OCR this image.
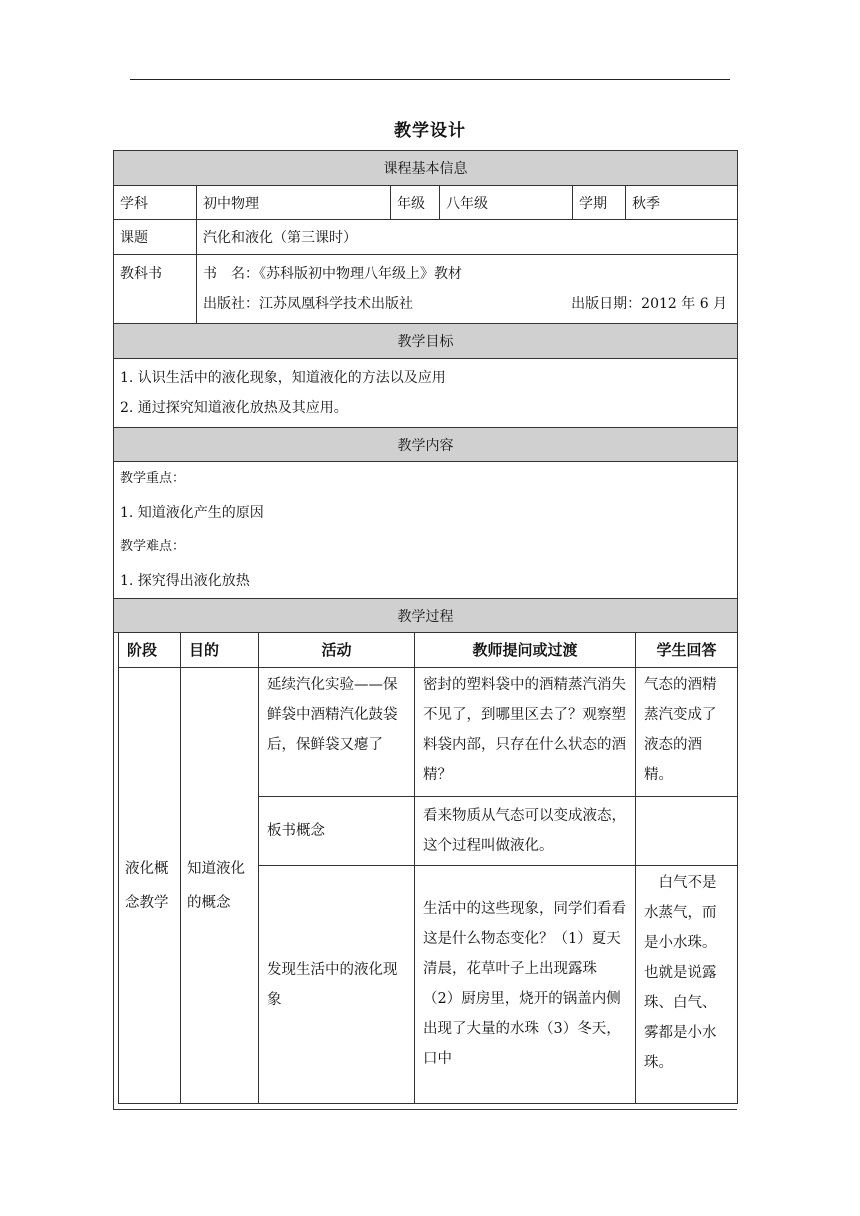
教学设计
课程基本信息					
学科	初中物理	年级	八年级	学期	秋季
课题	汽化和液化（第三课时）				
教科书	书　名：《苏科版初中物理八年级上》教材
出版社：江苏凤凰科学技术出版社 出版日期：2012 年 6 月				

教学目标					

1. 认识生活中的液化现象，知道液化的方法以及应用
2. 通过探究知道液化放热及其应用。					

教学内容					

教学重点：
1. 知道液化产生的原因
教学难点：
1. 探究得出液化放热					

教学过程					
阶段	目的	活动	教师提问或过渡	学生回答
液化概念教学	知道液化的概念	延续汽化实验——保鲜袋中酒精汽化鼓袋后，保鲜袋又瘪了	密封的塑料袋中的酒精蒸汽消失不见了，到哪里区去了？观察塑料袋内部，只存在什么状态的酒精？	气态的酒精蒸汽变成了液态的酒精。
		板书概念	看来物质从气态可以变成液态，这个过程叫做液化。	
		发现生活中的液化现象	生活中的这些现象，同学们看看这是什么物态变化？（1）夏天清晨，花草叶子上出现露珠（2）厨房里，烧开的锅盖内侧出现了大量的水珠（3）冬天，口中	　白气不是水蒸气，而是小水珠。也就是说露珠、白气、雾都是小水珠。
